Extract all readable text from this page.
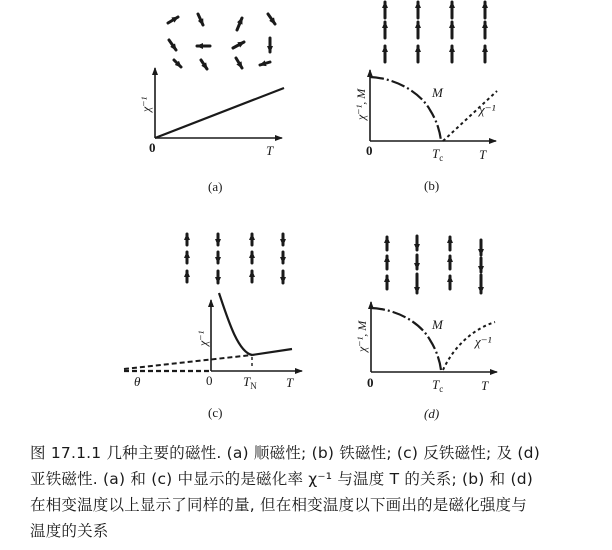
0	T
χ⁻¹
(a)
0	T
$T_c$
M
χ⁻¹
χ⁻¹, M
(b)
0	T
θ	$T_N$
χ⁻¹
(c)
0	T
$T_c$
M
χ⁻¹
χ⁻¹, M
(d)
图 17.1.1 几种主要的磁性. (a) 顺磁性; (b) 铁磁性; (c) 反铁磁性; 及 (d)
亚铁磁性. (a) 和 (c) 中显示的是磁化率 χ⁻¹ 与温度 T 的关系; (b) 和 (d)
在相变温度以上显示了同样的量, 但在相变温度以下画出的是磁化强度与
温度的关系
